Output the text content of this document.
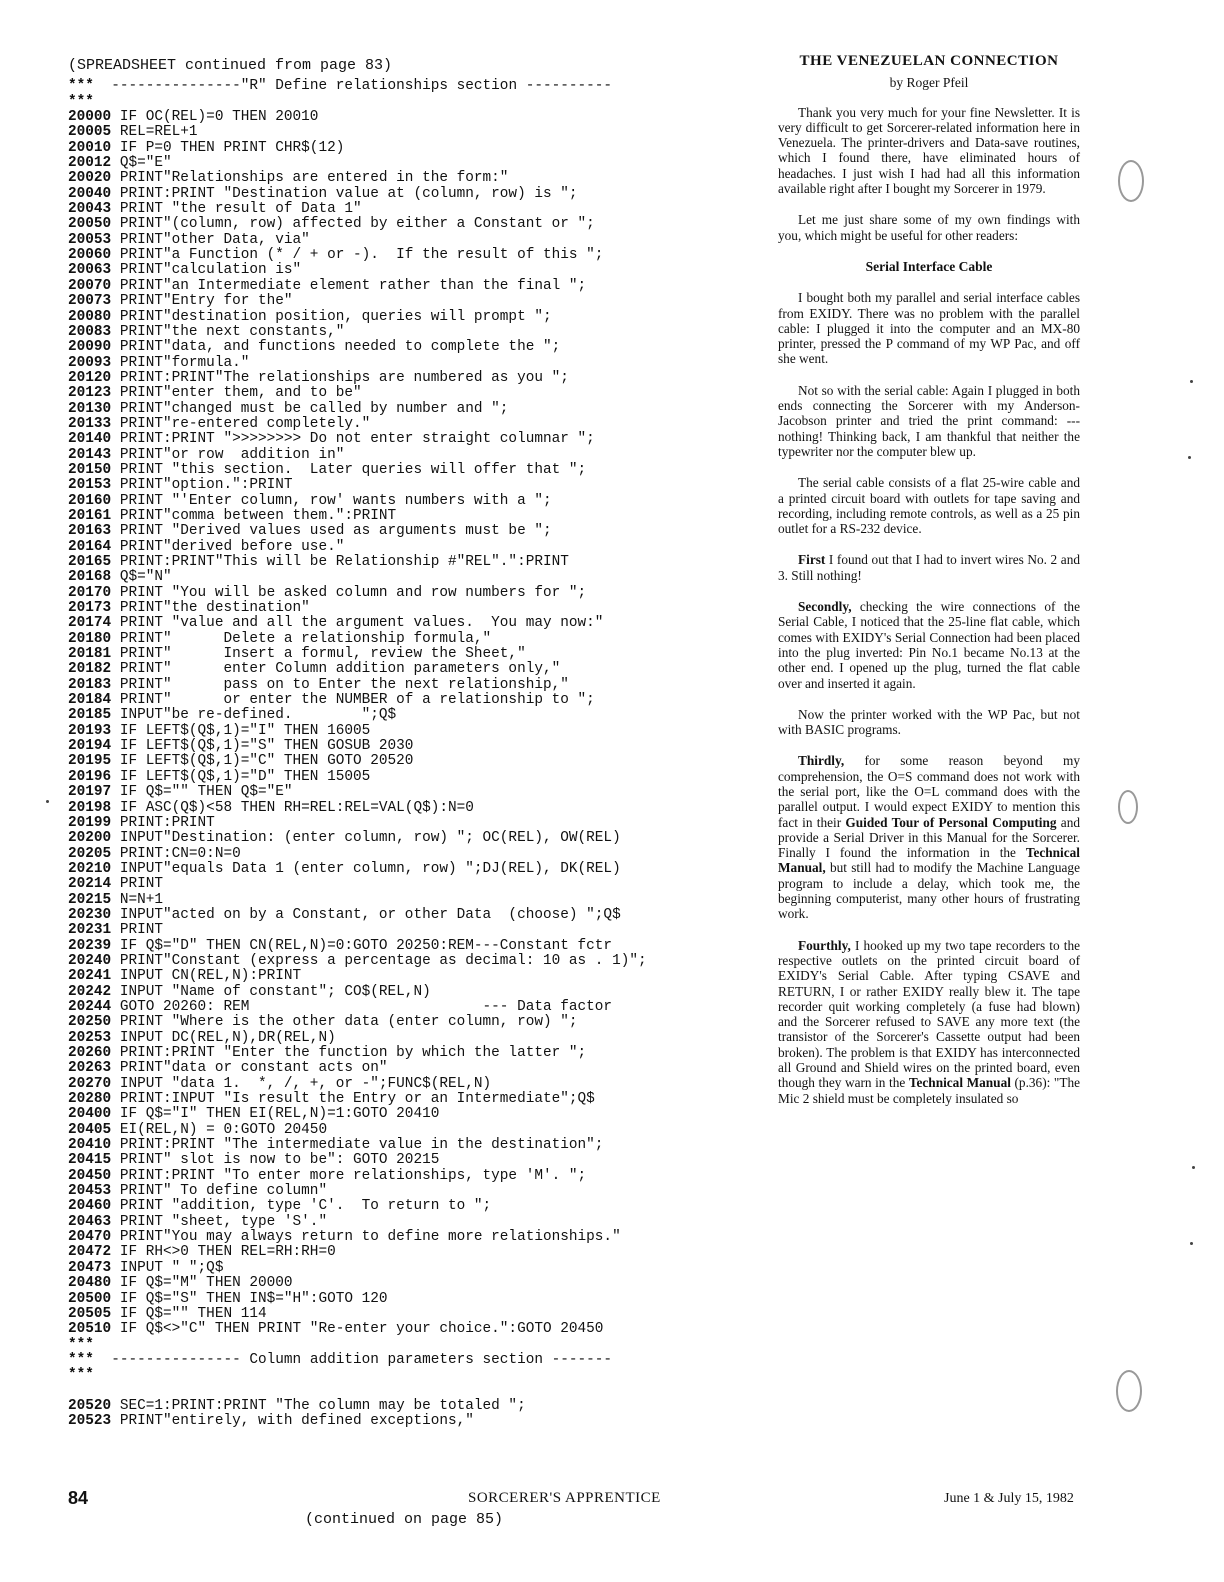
(SPREADSHEET continued from page 83)
***  ---------------"R" Define relationships section ----------
***
20000 IF OC(REL)=0 THEN 20010
20005 REL=REL+1
20010 IF P=0 THEN PRINT CHR$(12)
20012 Q$="E"
20020 PRINT"Relationships are entered in the form:"
20040 PRINT:PRINT "Destination value at (column, row) is ";
20043 PRINT "the result of Data 1"
20050 PRINT"(column, row) affected by either a Constant or ";
20053 PRINT"other Data, via"
20060 PRINT"a Function (* / + or -).  If the result of this ";
20063 PRINT"calculation is"
20070 PRINT"an Intermediate element rather than the final ";
20073 PRINT"Entry for the"
20080 PRINT"destination position, queries will prompt ";
20083 PRINT"the next constants,"
20090 PRINT"data, and functions needed to complete the ";
20093 PRINT"formula."
20120 PRINT:PRINT"The relationships are numbered as you ";
20123 PRINT"enter them, and to be"
20130 PRINT"changed must be called by number and ";
20133 PRINT"re-entered completely."
20140 PRINT:PRINT ">>>>>>>> Do not enter straight columnar ";
20143 PRINT"or row  addition in"
20150 PRINT "this section.  Later queries will offer that ";
20153 PRINT"option.":PRINT
20160 PRINT "'Enter column, row' wants numbers with a ";
20161 PRINT"comma between them.":PRINT
20163 PRINT "Derived values used as arguments must be ";
20164 PRINT"derived before use."
20165 PRINT:PRINT"This will be Relationship #"REL".":PRINT
20168 Q$="N"
20170 PRINT "You will be asked column and row numbers for ";
20173 PRINT"the destination"
20174 PRINT "value and all the argument values.  You may now:"
20180 PRINT"      Delete a relationship formula,"
20181 PRINT"      Insert a formul, review the Sheet,"
20182 PRINT"      enter Column addition parameters only,"
20183 PRINT"      pass on to Enter the next relationship,"
20184 PRINT"      or enter the NUMBER of a relationship to ";
20185 INPUT"be re-defined.        ";Q$
20193 IF LEFT$(Q$,1)="I" THEN 16005
20194 IF LEFT$(Q$,1)="S" THEN GOSUB 2030
20195 IF LEFT$(Q$,1)="C" THEN GOTO 20520
20196 IF LEFT$(Q$,1)="D" THEN 15005
20197 IF Q$="" THEN Q$="E"
20198 IF ASC(Q$)<58 THEN RH=REL:REL=VAL(Q$):N=0
20199 PRINT:PRINT
20200 INPUT"Destination: (enter column, row) "; OC(REL), OW(REL)
20205 PRINT:CN=0:N=0
20210 INPUT"equals Data 1 (enter column, row) ";DJ(REL), DK(REL)
20214 PRINT
20215 N=N+1
20230 INPUT"acted on by a Constant, or other Data  (choose) ";Q$
20231 PRINT
20239 IF Q$="D" THEN CN(REL,N)=0:GOTO 20250:REM---Constant fctr
20240 PRINT"Constant (express a percentage as decimal: 10 as . 1)";
20241 INPUT CN(REL,N):PRINT
20242 INPUT "Name of constant"; CO$(REL,N)
20244 GOTO 20260: REM                           --- Data factor
20250 PRINT "Where is the other data (enter column, row) ";
20253 INPUT DC(REL,N),DR(REL,N)
20260 PRINT:PRINT "Enter the function by which the latter ";
20263 PRINT"data or constant acts on"
20270 INPUT "data 1.  *, /, +, or -";FUNC$(REL,N)
20280 PRINT:INPUT "Is result the Entry or an Intermediate";Q$
20400 IF Q$="I" THEN EI(REL,N)=1:GOTO 20410
20405 EI(REL,N) = 0:GOTO 20450
20410 PRINT:PRINT "The intermediate value in the destination";
20415 PRINT" slot is now to be": GOTO 20215
20450 PRINT:PRINT "To enter more relationships, type 'M'. ";
20453 PRINT" To define column"
20460 PRINT "addition, type 'C'.  To return to ";
20463 PRINT "sheet, type 'S'."
20470 PRINT"You may always return to define more relationships."
20472 IF RH<>0 THEN REL=RH:RH=0
20473 INPUT " ";Q$
20480 IF Q$="M" THEN 20000
20500 IF Q$="S" THEN IN$="H":GOTO 120
20505 IF Q$="" THEN 114
20510 IF Q$<>"C" THEN PRINT "Re-enter your choice.":GOTO 20450
***
***  --------------- Column addition parameters section -------
***
20520 SEC=1:PRINT:PRINT "The column may be totaled ";
20523 PRINT"entirely, with defined exceptions,"
(continued on page 85)
THE VENEZUELAN CONNECTION
by Roger Pfeil

Thank you very much for your fine Newsletter. It is very difficult to get Sorcerer-related information here in Venezuela. The printer-drivers and Data-save routines, which I found there, have eliminated hours of headaches. I just wish I had had all this information available right after I bought my Sorcerer in 1979.

Let me just share some of my own findings with you, which might be useful for other readers:

Serial Interface Cable

I bought both my parallel and serial interface cables from EXIDY. There was no problem with the parallel cable: I plugged it into the computer and an MX-80 printer, pressed the P command of my WP Pac, and off she went.

Not so with the serial cable: Again I plugged in both ends connecting the Sorcerer with my Anderson-Jacobson printer and tried the print command: --- nothing! Thinking back, I am thankful that neither the typewriter nor the computer blew up.

The serial cable consists of a flat 25-wire cable and a printed circuit board with outlets for tape saving and recording, including remote controls, as well as a 25 pin outlet for a RS-232 device.

First I found out that I had to invert wires No. 2 and 3. Still nothing!

Secondly, checking the wire connections of the Serial Cable, I noticed that the 25-line flat cable, which comes with EXIDY's Serial Connection had been placed into the plug inverted: Pin No.1 became No.13 at the other end. I opened up the plug, turned the flat cable over and inserted it again.

Now the printer worked with the WP Pac, but not with BASIC programs.

Thirdly, for some reason beyond my comprehension, the O=S command does not work with the serial port, like the O=L command does with the parallel output. I would expect EXIDY to mention this fact in their Guided Tour of Personal Computing and provide a Serial Driver in this Manual for the Sorcerer. Finally I found the information in the Technical Manual, but still had to modify the Machine Language program to include a delay, which took me, the beginning computerist, many other hours of frustrating work.

Fourthly, I hooked up my two tape recorders to the respective outlets on the printed circuit board of EXIDY's Serial Cable. After typing CSAVE and RETURN, I or rather EXIDY really blew it. The tape recorder quit working completely (a fuse had blown) and the Sorcerer refused to SAVE any more text (the transistor of the Sorcerer's Cassette output had been broken). The problem is that EXIDY has interconnected all Ground and Shield wires on the printed board, even though they warn in the Technical Manual (p.36): "The Mic 2 shield must be completely insulated so

84	SORCERER'S APPRENTICE	June 1 & July 15, 1982
